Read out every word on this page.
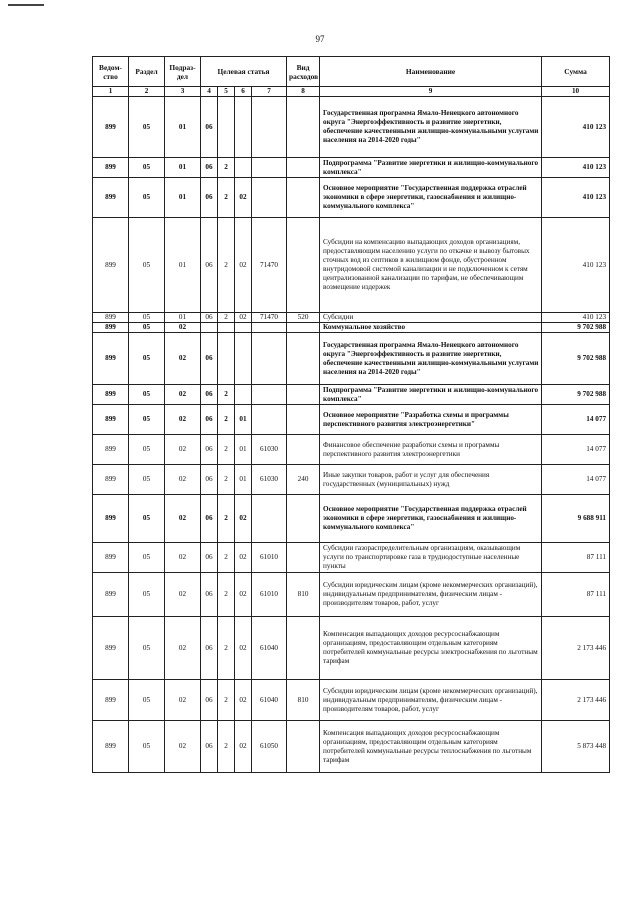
97
Ведом-ство	Раздел	Подраз-дел	Целевая статья				Вид расходов	Наименование	Сумма
1	2	3	4	5	6	7	8	9	10
899	05	01	06					Государственная программа Ямало-Ненецкого автономного округа "Энергоэффективность и развитие энергетики, обеспечение качественными жилищно-коммунальными услугами населения на 2014-2020 годы"	410 123
899	05	01	06	2				Подпрограмма "Развитие энергетики и жилищно-коммунального комплекса"	410 123
899	05	01	06	2	02			Основное мероприятие "Государственная поддержка отраслей экономики в сфере энергетики, газоснабжения и жилищно-коммунального комплекса"	410 123
899	05	01	06	2	02	71470		Субсидии на компенсацию выпадающих доходов организациям, предоставляющим населению услуги по откачке и вывозу бытовых сточных вод из септиков в жилищном фонде, обустроенном внутридомовой системой канализации и не подключенном к сетям централизованной канализации по тарифам, не обеспечивающим возмещение издержек	410 123
899	05	01	06	2	02	71470	520	Субсидии	410 123
899	05	02						Коммунальное хозяйство	9 702 988
899	05	02	06					Государственная программа Ямало-Ненецкого автономного округа "Энергоэффективность и развитие энергетики, обеспечение качественными жилищно-коммунальными услугами населения на 2014-2020 годы"	9 702 988
899	05	02	06	2				Подпрограмма "Развитие энергетики и жилищно-коммунального комплекса"	9 702 988
899	05	02	06	2	01			Основное мероприятие "Разработка схемы и программы перспективного развития электроэнергетики"	14 077
899	05	02	06	2	01	61030		Финансовое обеспечение разработки схемы и программы перспективного развития электроэнергетики	14 077
899	05	02	06	2	01	61030	240	Иные закупки товаров, работ и услуг для обеспечения государственных (муниципальных) нужд	14 077
899	05	02	06	2	02			Основное мероприятие "Государственная поддержка отраслей экономики в сфере энергетики, газоснабжения и жилищно-коммунального комплекса"	9 688 911
899	05	02	06	2	02	61010		Субсидии газораспределительным организациям, оказывающим услуги по транспортировке газа в труднодоступные населенные пункты	87 111
899	05	02	06	2	02	61010	810	Субсидии юридическим лицам (кроме некоммерческих организаций), индивидуальным предпринимателям, физическим лицам - производителям товаров, работ, услуг	87 111
899	05	02	06	2	02	61040		Компенсация выпадающих доходов ресурсоснабжающим организациям, предоставляющим отдельным категориям потребителей коммунальные ресурсы электроснабжения по льготным тарифам	2 173 446
899	05	02	06	2	02	61040	810	Субсидии юридическим лицам (кроме некоммерческих организаций), индивидуальным предпринимателям, физическим лицам - производителям товаров, работ, услуг	2 173 446
899	05	02	06	2	02	61050		Компенсация выпадающих доходов ресурсоснабжающим организациям, предоставляющим отдельным категориям потребителей коммунальные ресурсы теплоснабжения по льготным тарифам	5 873 448
